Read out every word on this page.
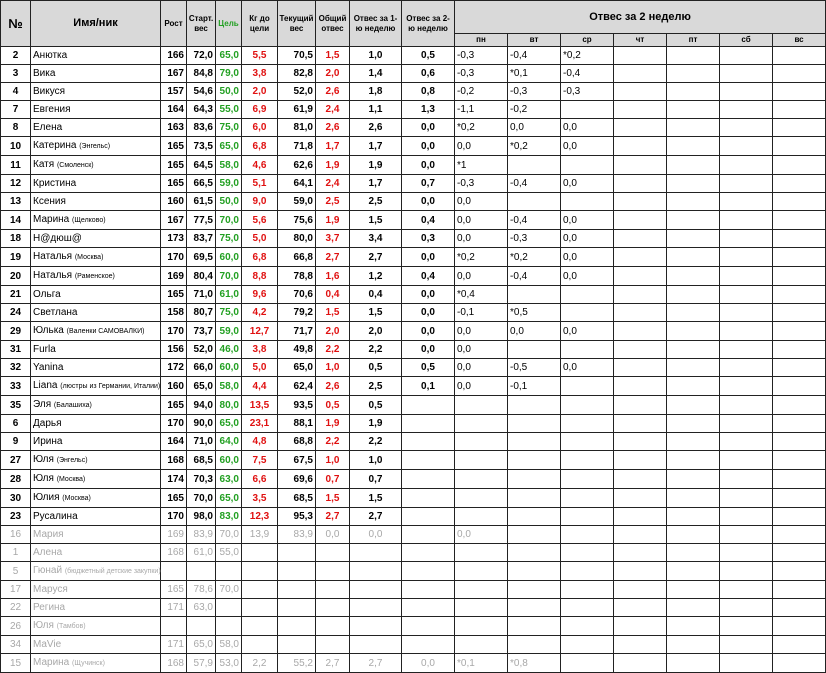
№	Имя/ник	Рост	Старт. вес	Цель	Кг до цели	Текущий вес	Общий отвес	Отвес за 1-ю неделю	Отвес за 2-ю неделю	Отвес за 2 неделю						
										пн	вт	ср	чт	пт	сб	вс
2	Анютка	166	72,0	65,0	5,5	70,5	1,5	1,0	0,5	-0,3	-0,4	*0,2				
3	Вика	167	84,8	79,0	3,8	82,8	2,0	1,4	0,6	-0,3	*0,1	-0,4				
4	Викуся	157	54,6	50,0	2,0	52,0	2,6	1,8	0,8	-0,2	-0,3	-0,3				
7	Евгения	164	64,3	55,0	6,9	61,9	2,4	1,1	1,3	-1,1	-0,2					
8	Елена	163	83,6	75,0	6,0	81,0	2,6	2,6	0,0	*0,2	0,0	0,0				
10	Катерина (Энгельс)	165	73,5	65,0	6,8	71,8	1,7	1,7	0,0	0,0	*0,2	0,0				
11	Катя (Смоленск)	165	64,5	58,0	4,6	62,6	1,9	1,9	0,0	*1						
12	Кристина	165	66,5	59,0	5,1	64,1	2,4	1,7	0,7	-0,3	-0,4	0,0				
13	Ксения	160	61,5	50,0	9,0	59,0	2,5	2,5	0,0	0,0						
14	Марина (Щелково)	167	77,5	70,0	5,6	75,6	1,9	1,5	0,4	0,0	-0,4	0,0				
18	Н@дюш@	173	83,7	75,0	5,0	80,0	3,7	3,4	0,3	0,0	-0,3	0,0				
19	Наталья (Москва)	170	69,5	60,0	6,8	66,8	2,7	2,7	0,0	*0,2	*0,2	0,0				
20	Наталья (Раменское)	169	80,4	70,0	8,8	78,8	1,6	1,2	0,4	0,0	-0,4	0,0				
21	Ольга	165	71,0	61,0	9,6	70,6	0,4	0,4	0,0	*0,4						
24	Светлана	158	80,7	75,0	4,2	79,2	1,5	1,5	0,0	-0,1	*0,5					
29	Юлька (Валенки САМОВАЛКИ)	170	73,7	59,0	12,7	71,7	2,0	2,0	0,0	0,0	0,0	0,0				
31	Furla	156	52,0	46,0	3,8	49,8	2,2	2,2	0,0	0,0						
32	Yanina	172	66,0	60,0	5,0	65,0	1,0	0,5	0,5	0,0	-0,5	0,0				
33	Liana (люстры из Германии, Италии)	160	65,0	58,0	4,4	62,4	2,6	2,5	0,1	0,0	-0,1					
35	Эля (Балашиха)	165	94,0	80,0	13,5	93,5	0,5	0,5								
6	Дарья	170	90,0	65,0	23,1	88,1	1,9	1,9								
9	Ирина	164	71,0	64,0	4,8	68,8	2,2	2,2								
27	Юля (Энгельс)	168	68,5	60,0	7,5	67,5	1,0	1,0								
28	Юля (Москва)	174	70,3	63,0	6,6	69,6	0,7	0,7								
30	Юлия (Москва)	165	70,0	65,0	3,5	68,5	1,5	1,5								
23	Русалина	170	98,0	83,0	12,3	95,3	2,7	2,7								
16	Мария	169	83,9	70,0	13,9	83,9	0,0	0,0		0,0						
1	Алена	168	61,0	55,0												
5	Гюнай (бюджетный детские закупки)															
17	Маруся	165	78,6	70,0												
22	Регина	171	63,0													
26	Юля (Тамбов)															
34	MaVie	171	65,0	58,0												
15	Марина (Щучинск)	168	57,9	53,0	2,2	55,2	2,7	2,7	0,0	*0,1	*0,8					
